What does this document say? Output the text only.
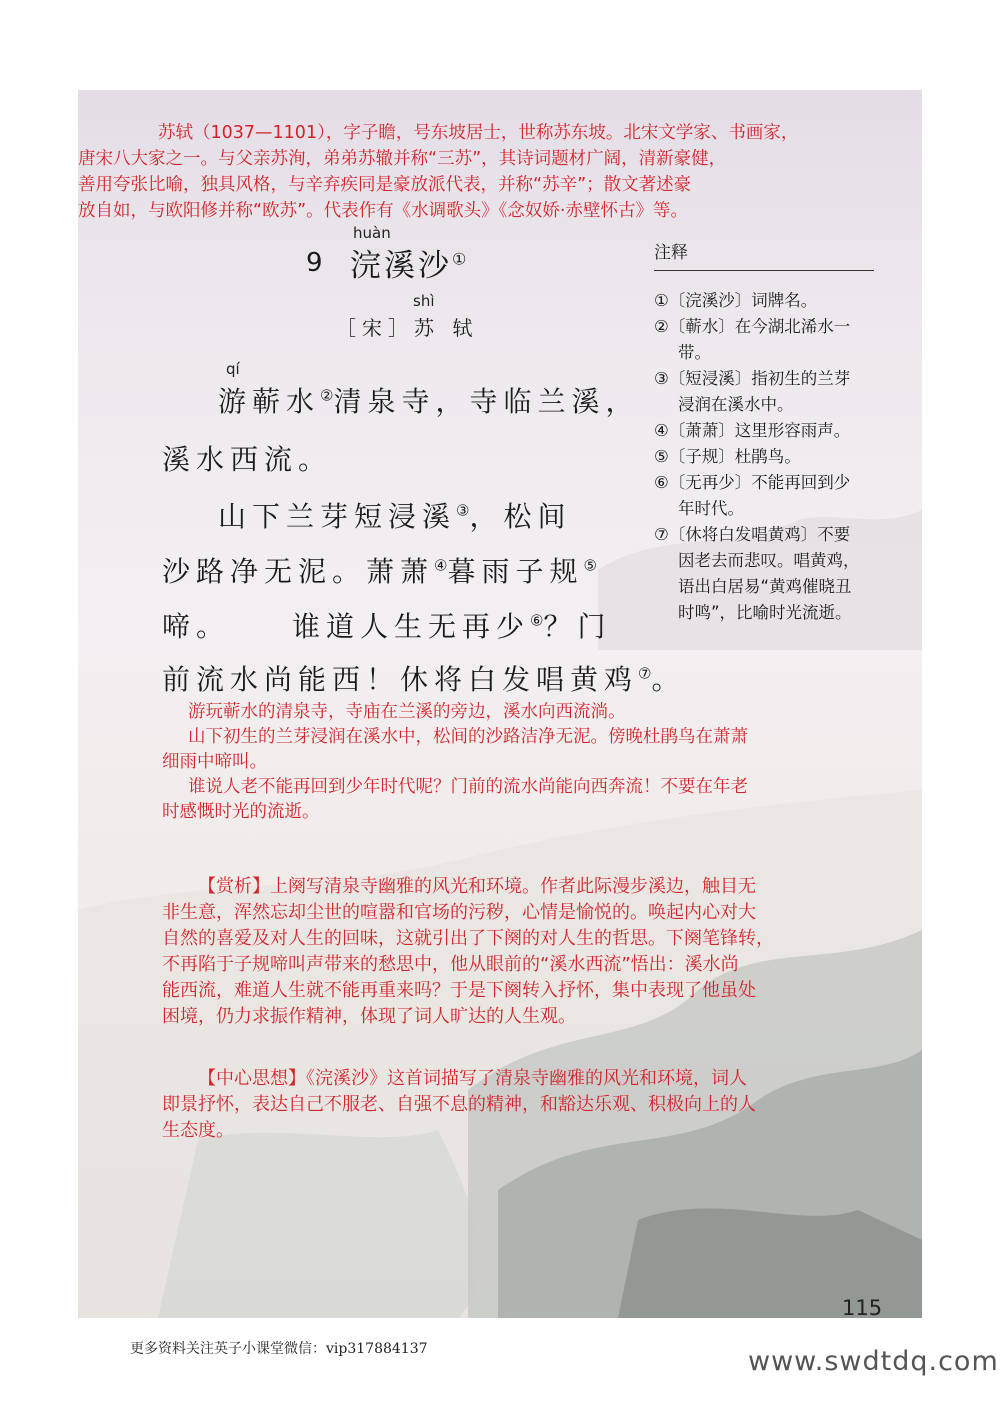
苏轼（1037—1101），字子瞻，号东坡居士，世称苏东坡。北宋文学家、书画家，

唐宋八大家之一。与父亲苏洵，弟弟苏辙并称“三苏”，其诗词题材广阔，清新豪健，

善用夸张比喻，独具风格，与辛弃疾同是豪放派代表，并称“苏辛”；散文著述豪

放自如，与欧阳修并称“欧苏”。代表作有《水调歌头》《念奴娇·赤壁怀古》等。

9
huàn
浣溪沙①
shì
［宋］苏 轼
qí
游蕲水②清泉寺，寺临兰溪，
溪水西流。
山下兰芽短浸溪③，松间
沙路净无泥。萧萧④暮雨子规⑤
啼。 谁道人生无再少⑥？门
前流水尚能西！休将白发唱黄鸡⑦。
注释

①〔浣溪沙〕词牌名。

②〔蕲水〕在今湖北浠水一

带。

③〔短浸溪〕指初生的兰芽

浸润在溪水中。

④〔萧萧〕这里形容雨声。

⑤〔子规〕杜鹃鸟。

⑥〔无再少〕不能再回到少

年时代。

⑦〔休将白发唱黄鸡〕不要

因老去而悲叹。唱黄鸡，

语出白居易“黄鸡催晓丑

时鸣”，比喻时光流逝。

游玩蕲水的清泉寺，寺庙在兰溪的旁边，溪水向西流淌。

山下初生的兰芽浸润在溪水中，松间的沙路洁净无泥。傍晚杜鹃鸟在萧萧

细雨中啼叫。

谁说人老不能再回到少年时代呢？门前的流水尚能向西奔流！不要在年老

时感慨时光的流逝。

【赏析】上阕写清泉寺幽雅的风光和环境。作者此际漫步溪边，触目无

非生意，浑然忘却尘世的喧嚣和官场的污秽，心情是愉悦的。唤起内心对大

自然的喜爱及对人生的回味，这就引出了下阕的对人生的哲思。下阕笔锋转，

不再陷于子规啼叫声带来的愁思中，他从眼前的“溪水西流”悟出：溪水尚

能西流，难道人生就不能再重来吗？于是下阕转入抒怀，集中表现了他虽处

困境，仍力求振作精神，体现了词人旷达的人生观。

【中心思想】《浣溪沙》这首词描写了清泉寺幽雅的风光和环境，词人

即景抒怀，表达自己不服老、自强不息的精神，和豁达乐观、积极向上的人

生态度。

115
更多资料关注英子小课堂微信：vip317884137	www.swdtdq.com
